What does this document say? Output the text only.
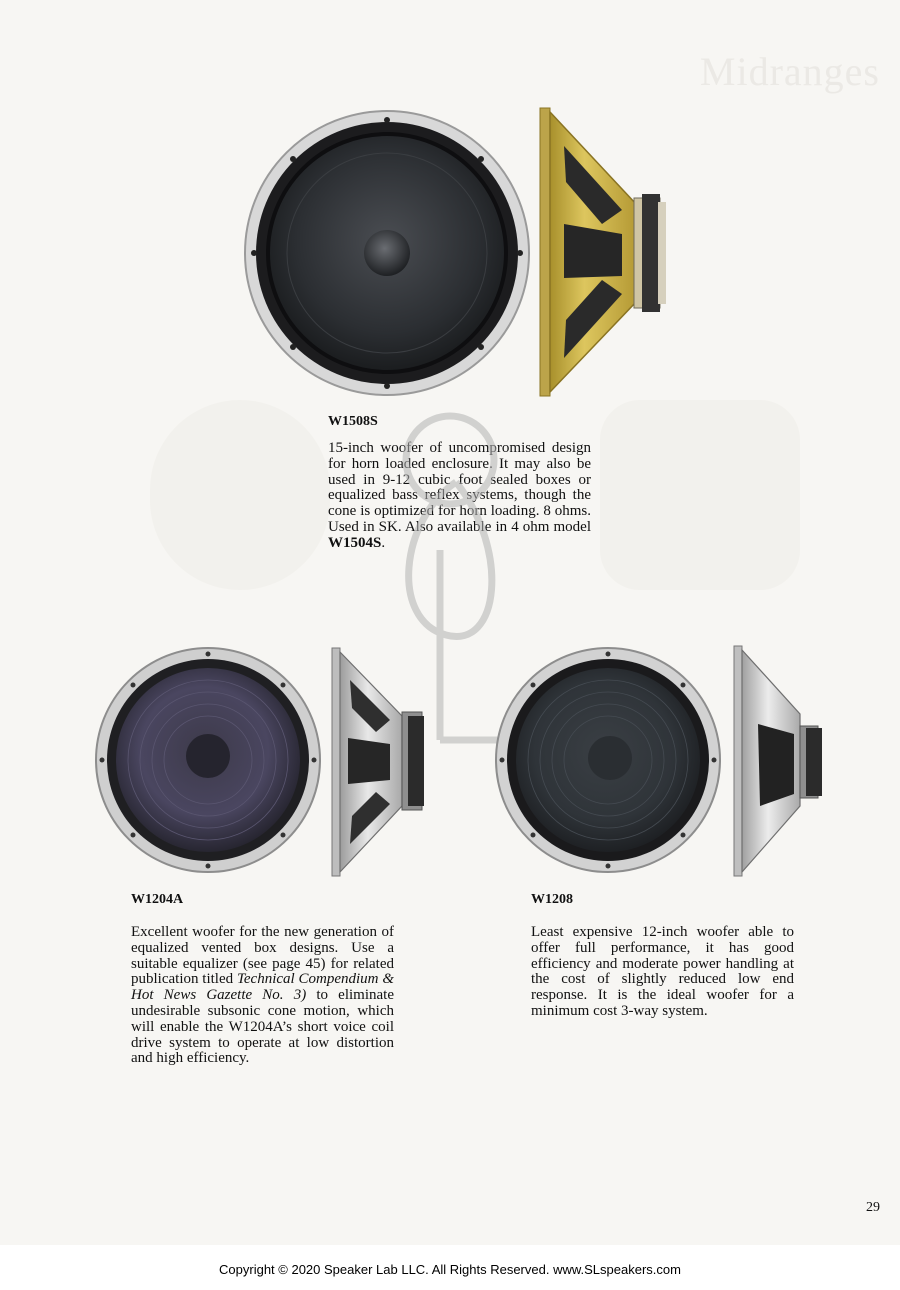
Midranges
W1508S
15-inch woofer of uncompromised design for horn loaded enclosure. It may also be used in 9-12 cubic foot sealed boxes or equalized bass reflex systems, though the cone is optimized for horn loading. 8 ohms. Used in SK. Also available in 4 ohm model W1504S.
W1204A
Excellent woofer for the new generation of equalized vented box designs. Use a suitable equalizer (see page 45) for related publication titled Technical Compendium & Hot News Gazette No. 3) to eliminate undesirable subsonic cone motion, which will enable the W1204A’s short voice coil drive system to operate at low distortion and high efficiency.
W1208
Least expensive 12-inch woofer able to offer full performance, it has good efficiency and moderate power handling at the cost of slightly reduced low end response. It is the ideal woofer for a minimum cost 3-way system.
29
Copyright © 2020 Speaker Lab LLC. All Rights Reserved. www.SLspeakers.com
